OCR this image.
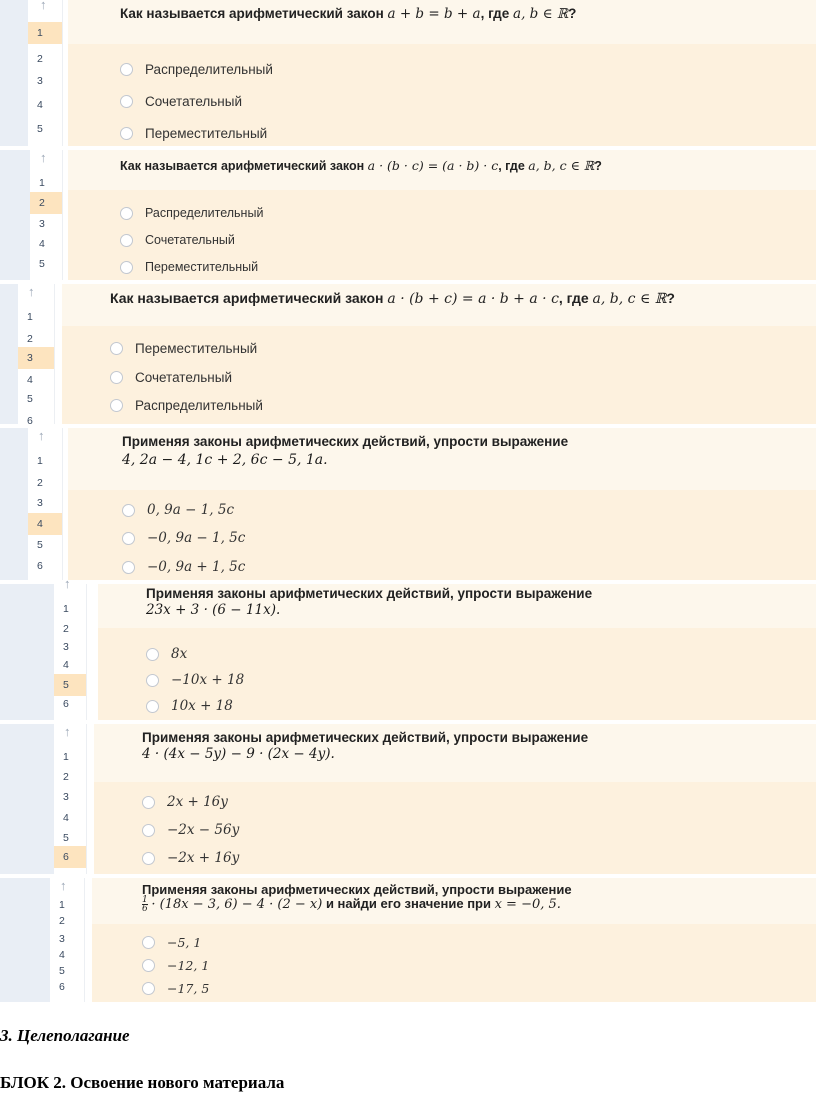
↑
1
2
3
4
5
Как называется арифметический закон a + b = b + a, где a, b ∈ ℝ?
Распределительный
Сочетательный
Переместительный
↑
1
2
3
4
5
Как называется арифметический закон a · (b · c) = (a · b) · c, где a, b, c ∈ ℝ?
Распределительный
Сочетательный
Переместительный
↑
1
2
3
4
5
6
Как называется арифметический закон a · (b + c) = a · b + a · c, где a, b, c ∈ ℝ?
Переместительный
Сочетательный
Распределительный
↑
1
2
3
4
5
6
Применяя законы арифметических действий, упрости выражение
4, 2a − 4, 1c + 2, 6c − 5, 1a.
0, 9a − 1, 5c
−0, 9a − 1, 5c
−0, 9a + 1, 5c
↑
1
2
3
4
5
6
Применяя законы арифметических действий, упрости выражение
23x + 3 · (6 − 11x).
8x
−10x + 18
10x + 18
↑
1
2
3
4
5
6
Применяя законы арифметических действий, упрости выражение
4 · (4x − 5y) − 9 · (2x − 4y).
2x + 16y
−2x − 56y
−2x + 16y
↑
1
2
3
4
5
6
Применяя законы арифметических действий, упрости выражение
$\frac{1}{6} \cdot (18x - 3$, 6) − 4 · (2 − x) и найди его значение при x = −0, 5.
−5, 1
−12, 1
−17, 5
3. Целеполагание
БЛОК 2. Освоение нового материала
